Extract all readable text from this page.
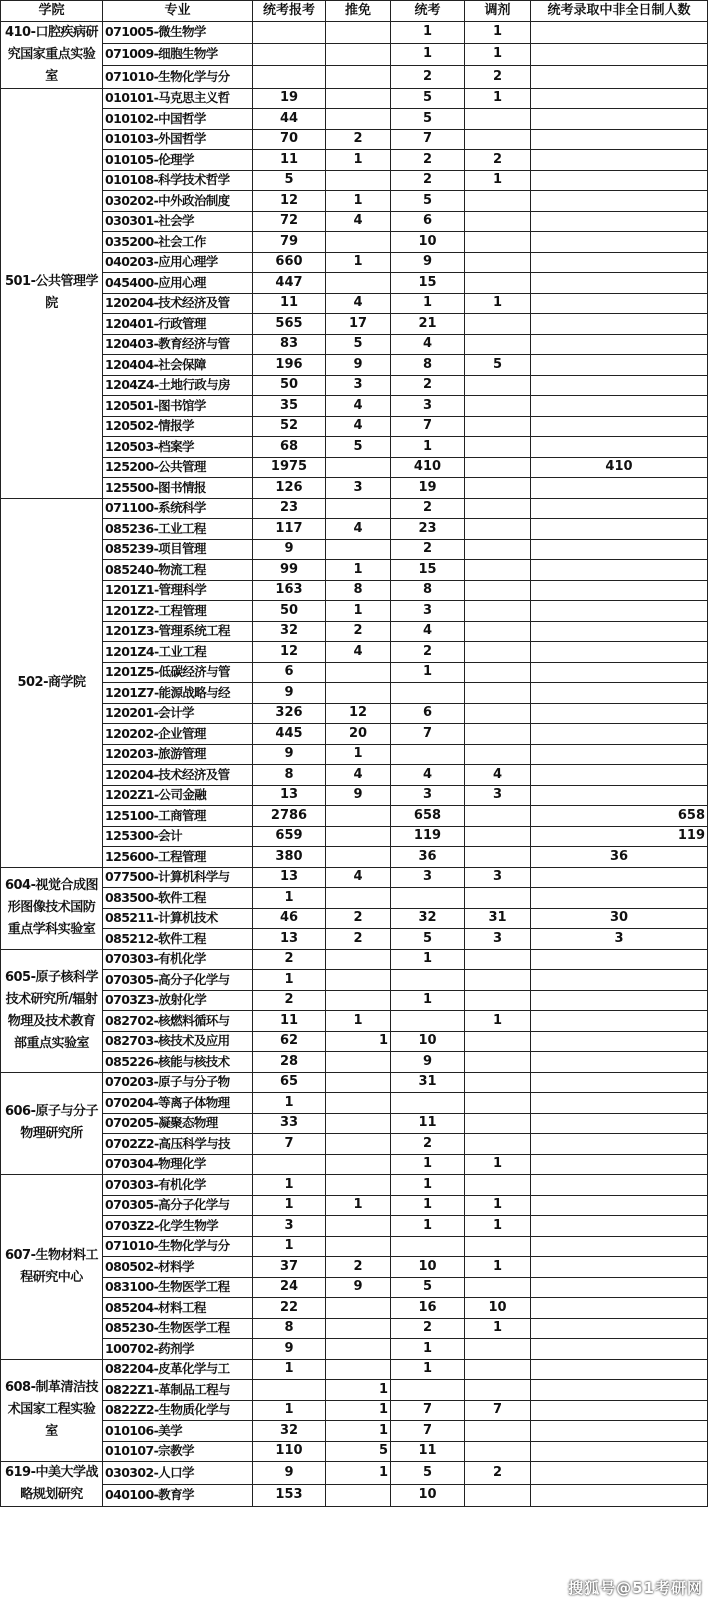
学院	专业	统考报考	推免	统考	调剂	统考录取中非全日制人数
410-口腔疾病研究国家重点实验室	071005-微生物学			1	1	
	071009-细胞生物学			1	1	
	071010-生物化学与分			2	2	
501-公共管理学院	010101-马克思主义哲	19		5	1	
	010102-中国哲学	44		5		
	010103-外国哲学	70	2	7		
	010105-伦理学	11	1	2	2	
	010108-科学技术哲学	5		2	1	
	030202-中外政治制度	12	1	5		
	030301-社会学	72	4	6		
	035200-社会工作	79		10		
	040203-应用心理学	660	1	9		
	045400-应用心理	447		15		
	120204-技术经济及管	11	4	1	1	
	120401-行政管理	565	17	21		
	120403-教育经济与管	83	5	4		
	120404-社会保障	196	9	8	5	
	1204Z4-土地行政与房	50	3	2		
	120501-图书馆学	35	4	3		
	120502-情报学	52	4	7		
	120503-档案学	68	5	1		
	125200-公共管理	1975		410		410
	125500-图书情报	126	3	19		
502-商学院	071100-系统科学	23		2		
	085236-工业工程	117	4	23		
	085239-项目管理	9		2		
	085240-物流工程	99	1	15		
	1201Z1-管理科学	163	8	8		
	1201Z2-工程管理	50	1	3		
	1201Z3-管理系统工程	32	2	4		
	1201Z4-工业工程	12	4	2		
	1201Z5-低碳经济与管	6		1		
	1201Z7-能源战略与经	9				
	120201-会计学	326	12	6		
	120202-企业管理	445	20	7		
	120203-旅游管理	9	1			
	120204-技术经济及管	8	4	4	4	
	1202Z1-公司金融	13	9	3	3	
	125100-工商管理	2786		658		658
	125300-会计	659		119		119
	125600-工程管理	380		36		36
604-视觉合成图形图像技术国防重点学科实验室	077500-计算机科学与	13	4	3	3	
	083500-软件工程	1				
	085211-计算机技术	46	2	32	31	30
	085212-软件工程	13	2	5	3	3
605-原子核科学技术研究所/辐射物理及技术教育部重点实验室	070303-有机化学	2		1		
	070305-高分子化学与	1				
	0703Z3-放射化学	2		1		
	082702-核燃料循环与	11	1		1	
	082703-核技术及应用	62	1	10		
	085226-核能与核技术	28		9		
606-原子与分子物理研究所	070203-原子与分子物	65		31		
	070204-等离子体物理	1				
	070205-凝聚态物理	33		11		
	0702Z2-高压科学与技	7		2		
	070304-物理化学			1	1	
607-生物材料工程研究中心	070303-有机化学	1		1		
	070305-高分子化学与	1	1	1	1	
	0703Z2-化学生物学	3		1	1	
	071010-生物化学与分	1				
	080502-材料学	37	2	10	1	
	083100-生物医学工程	24	9	5		
	085204-材料工程	22		16	10	
	085230-生物医学工程	8		2	1	
	100702-药剂学	9		1		
608-制革清洁技术国家工程实验室	082204-皮革化学与工	1		1		
	0822Z1-革制品工程与		1			
	0822Z2-生物质化学与	1	1	7	7	
	010106-美学	32	1	7		
	010107-宗教学	110	5	11		
619-中美大学战略规划研究	030302-人口学	9	1	5	2	
	040100-教育学	153		10		
搜狐号@51考研网
